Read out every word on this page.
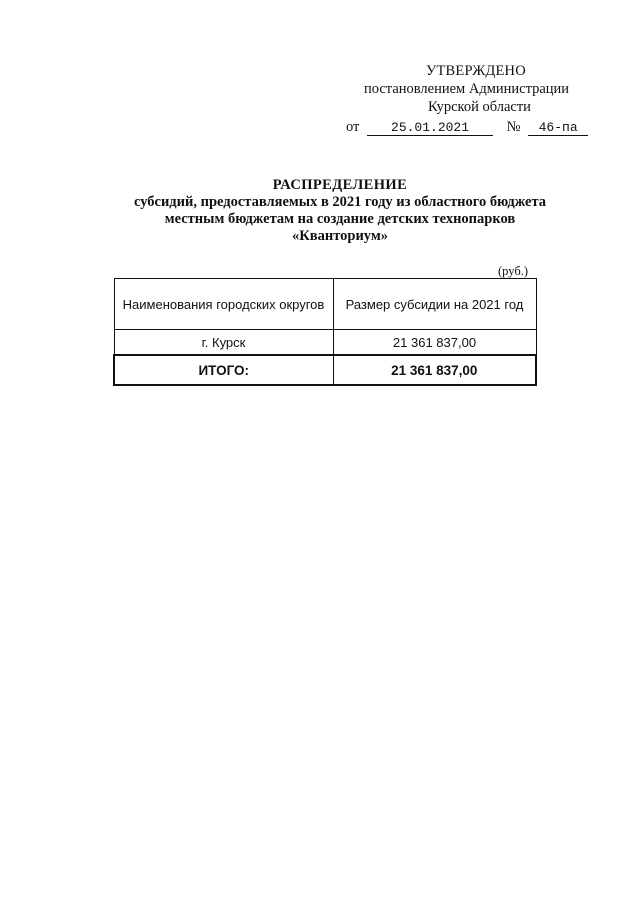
УТВЕРЖДЕНО
постановлением Администрации
Курской области
от 25.01.2021	№ 46-па
РАСПРЕДЕЛЕНИЕ
субсидий, предоставляемых в 2021 году из областного бюджета
местным бюджетам на создание детских технопарков
«Кванториум»
(руб.)
Наименования городских округов	Размер субсидии на 2021 год
г. Курск	21 361 837,00
ИТОГО:	21 361 837,00
